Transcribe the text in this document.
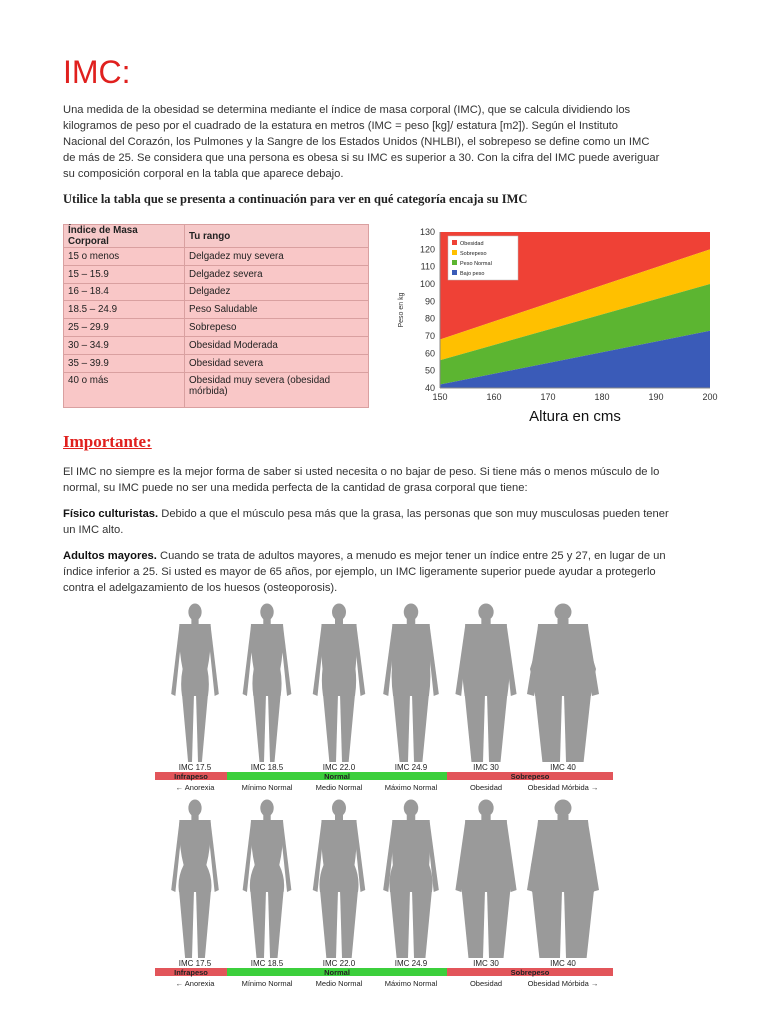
IMC:
Una medida de la obesidad se determina mediante el índice de masa corporal (IMC), que se calcula dividiendo los kilogramos de peso por el cuadrado de la estatura en metros (IMC = peso [kg]/ estatura [m2]). Según el Instituto Nacional del Corazón, los Pulmones y la Sangre de los Estados Unidos (NHLBI), el sobrepeso se define como un IMC de más de 25. Se considera que una persona es obesa si su IMC es superior a 30. Con la cifra del IMC puede averiguar su composición corporal en la tabla que aparece debajo.
Utilice la tabla que se presenta a continuación para ver en qué categoría encaja su IMC
Índice de Masa Corporal	Tu rango
15 o menos	Delgadez muy severa
15 – 15.9	Delgadez severa
16 – 18.4	Delgadez
18.5 – 24.9	Peso Saludable
25 – 29.9	Sobrepeso
30 – 34.9	Obesidad Moderada
35 – 39.9	Obesidad severa
40 o más	Obesidad muy severa (obesidad mórbida)	40
50
60
70
80
90
100
110
120
130
150	160	170	180	190	200
Altura en cms
Peso en kg
Obesidad
Sobrepeso
Peso Normal
Bajo peso
Importante:
El IMC no siempre es la mejor forma de saber si usted necesita o no bajar de peso. Si tiene más o menos músculo de lo normal, su IMC puede no ser una medida perfecta de la cantidad de grasa corporal que tiene:
Físico culturistas. Debido a que el músculo pesa más que la grasa, las personas que son muy musculosas pueden tener un IMC alto.
Adultos mayores. Cuando se trata de adultos mayores, a menudo es mejor tener un índice entre 25 y 27, en lugar de un índice inferior a 25. Si usted es mayor de 65 años, por ejemplo, un IMC ligeramente superior puede ayudar a protegerlo contra el adelgazamiento de los huesos (osteoporosis).
IMC 17.5	IMC 18.5	IMC 22.0	IMC 24.9	IMC 30	IMC 40
Infrapeso	Normal	Sobrepeso
← Anorexia	Mínimo Normal	Medio Normal	Máximo Normal	Obesidad	Obesidad Mórbida →
IMC 17.5	IMC 18.5	IMC 22.0	IMC 24.9	IMC 30	IMC 40
Infrapeso	Normal	Sobrepeso
← Anorexia	Mínimo Normal	Medio Normal	Máximo Normal	Obesidad	Obesidad Mórbida →
